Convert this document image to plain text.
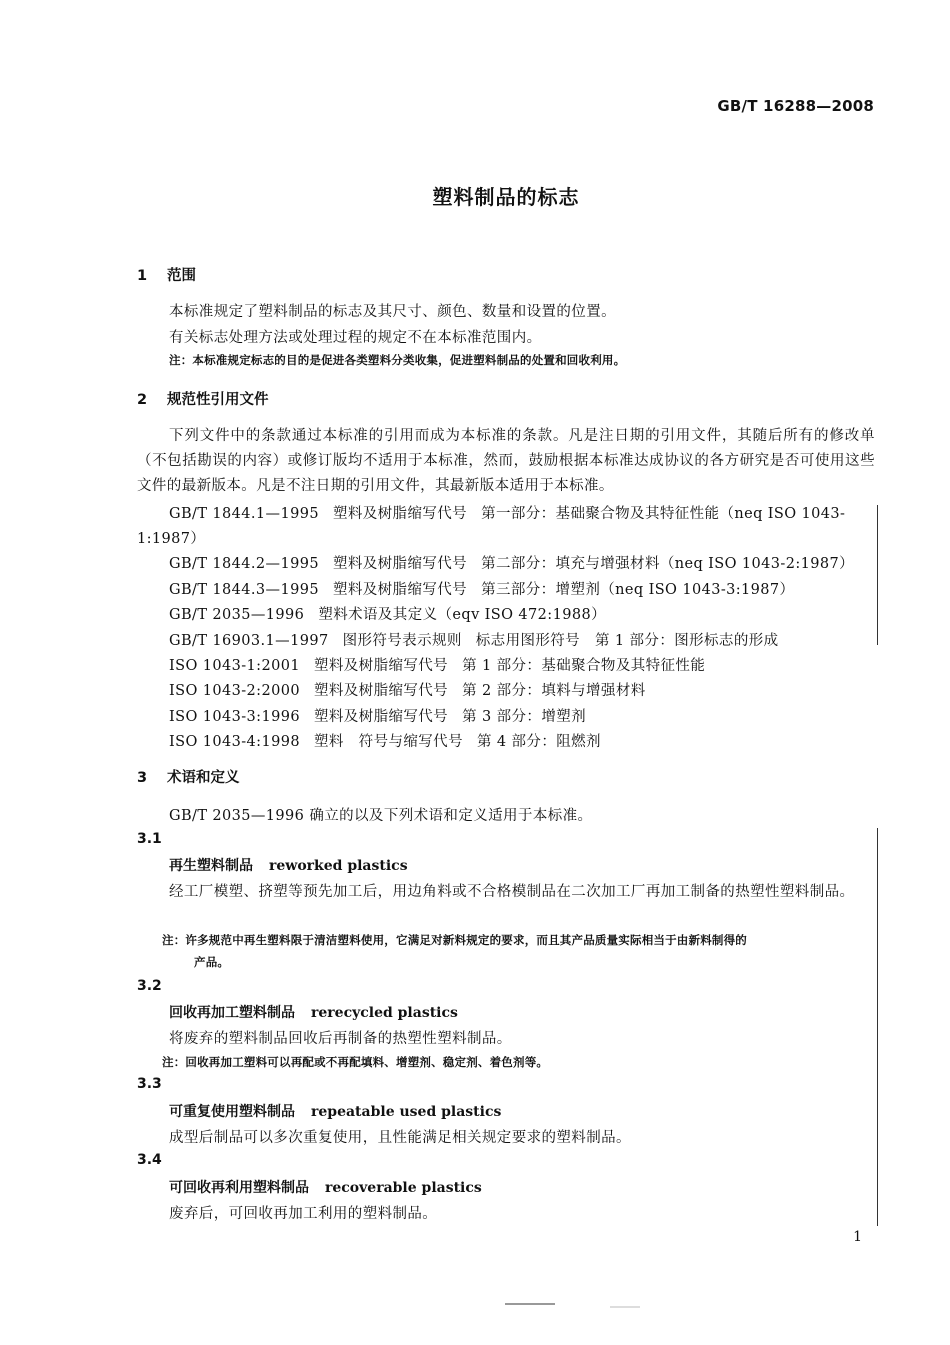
GB/T 16288—2008
塑料制品的标志
1 范围
本标准规定了塑料制品的标志及其尺寸、颜色、数量和设置的位置。
有关标志处理方法或处理过程的规定不在本标准范围内。
注：本标准规定标志的目的是促进各类塑料分类收集，促进塑料制品的处置和回收利用。
2 规范性引用文件
下列文件中的条款通过本标准的引用而成为本标准的条款。凡是注日期的引用文件，其随后所有的修改单（不包括勘误的内容）或修订版均不适用于本标准，然而，鼓励根据本标准达成协议的各方研究是否可使用这些文件的最新版本。凡是不注日期的引用文件，其最新版本适用于本标准。
GB/T 1844.1—1995 塑料及树脂缩写代号 第一部分：基础聚合物及其特征性能（neq ISO 1043-
1:1987）
GB/T 1844.2—1995 塑料及树脂缩写代号 第二部分：填充与增强材料（neq ISO 1043-2:1987）
GB/T 1844.3—1995 塑料及树脂缩写代号 第三部分：增塑剂（neq ISO 1043-3:1987）
GB/T 2035—1996 塑料术语及其定义（eqv ISO 472:1988）
GB/T 16903.1—1997 图形符号表示规则 标志用图形符号　第 1 部分：图形标志的形成
ISO 1043-1:2001 塑料及树脂缩写代号 第 1 部分：基础聚合物及其特征性能
ISO 1043-2:2000 塑料及树脂缩写代号 第 2 部分：填料与增强材料
ISO 1043-3:1996 塑料及树脂缩写代号 第 3 部分：增塑剂
ISO 1043-4:1998 塑料　符号与缩写代号 第 4 部分：阻燃剂
3 术语和定义
GB/T 2035—1996 确立的以及下列术语和定义适用于本标准。
3.1
再生塑料制品 reworked plastics
经工厂模塑、挤塑等预先加工后，用边角料或不合格模制品在二次加工厂再加工制备的热塑性塑料制品。
注：许多规范中再生塑料限于清洁塑料使用，它满足对新料规定的要求，而且其产品质量实际相当于由新料制得的
产品。
3.2
回收再加工塑料制品 rerecycled plastics
将废弃的塑料制品回收后再制备的热塑性塑料制品。
注：回收再加工塑料可以再配或不再配填料、增塑剂、稳定剂、着色剂等。
3.3
可重复使用塑料制品 repeatable used plastics
成型后制品可以多次重复使用，且性能满足相关规定要求的塑料制品。
3.4
可回收再利用塑料制品 recoverable plastics
废弃后，可回收再加工利用的塑料制品。
1
